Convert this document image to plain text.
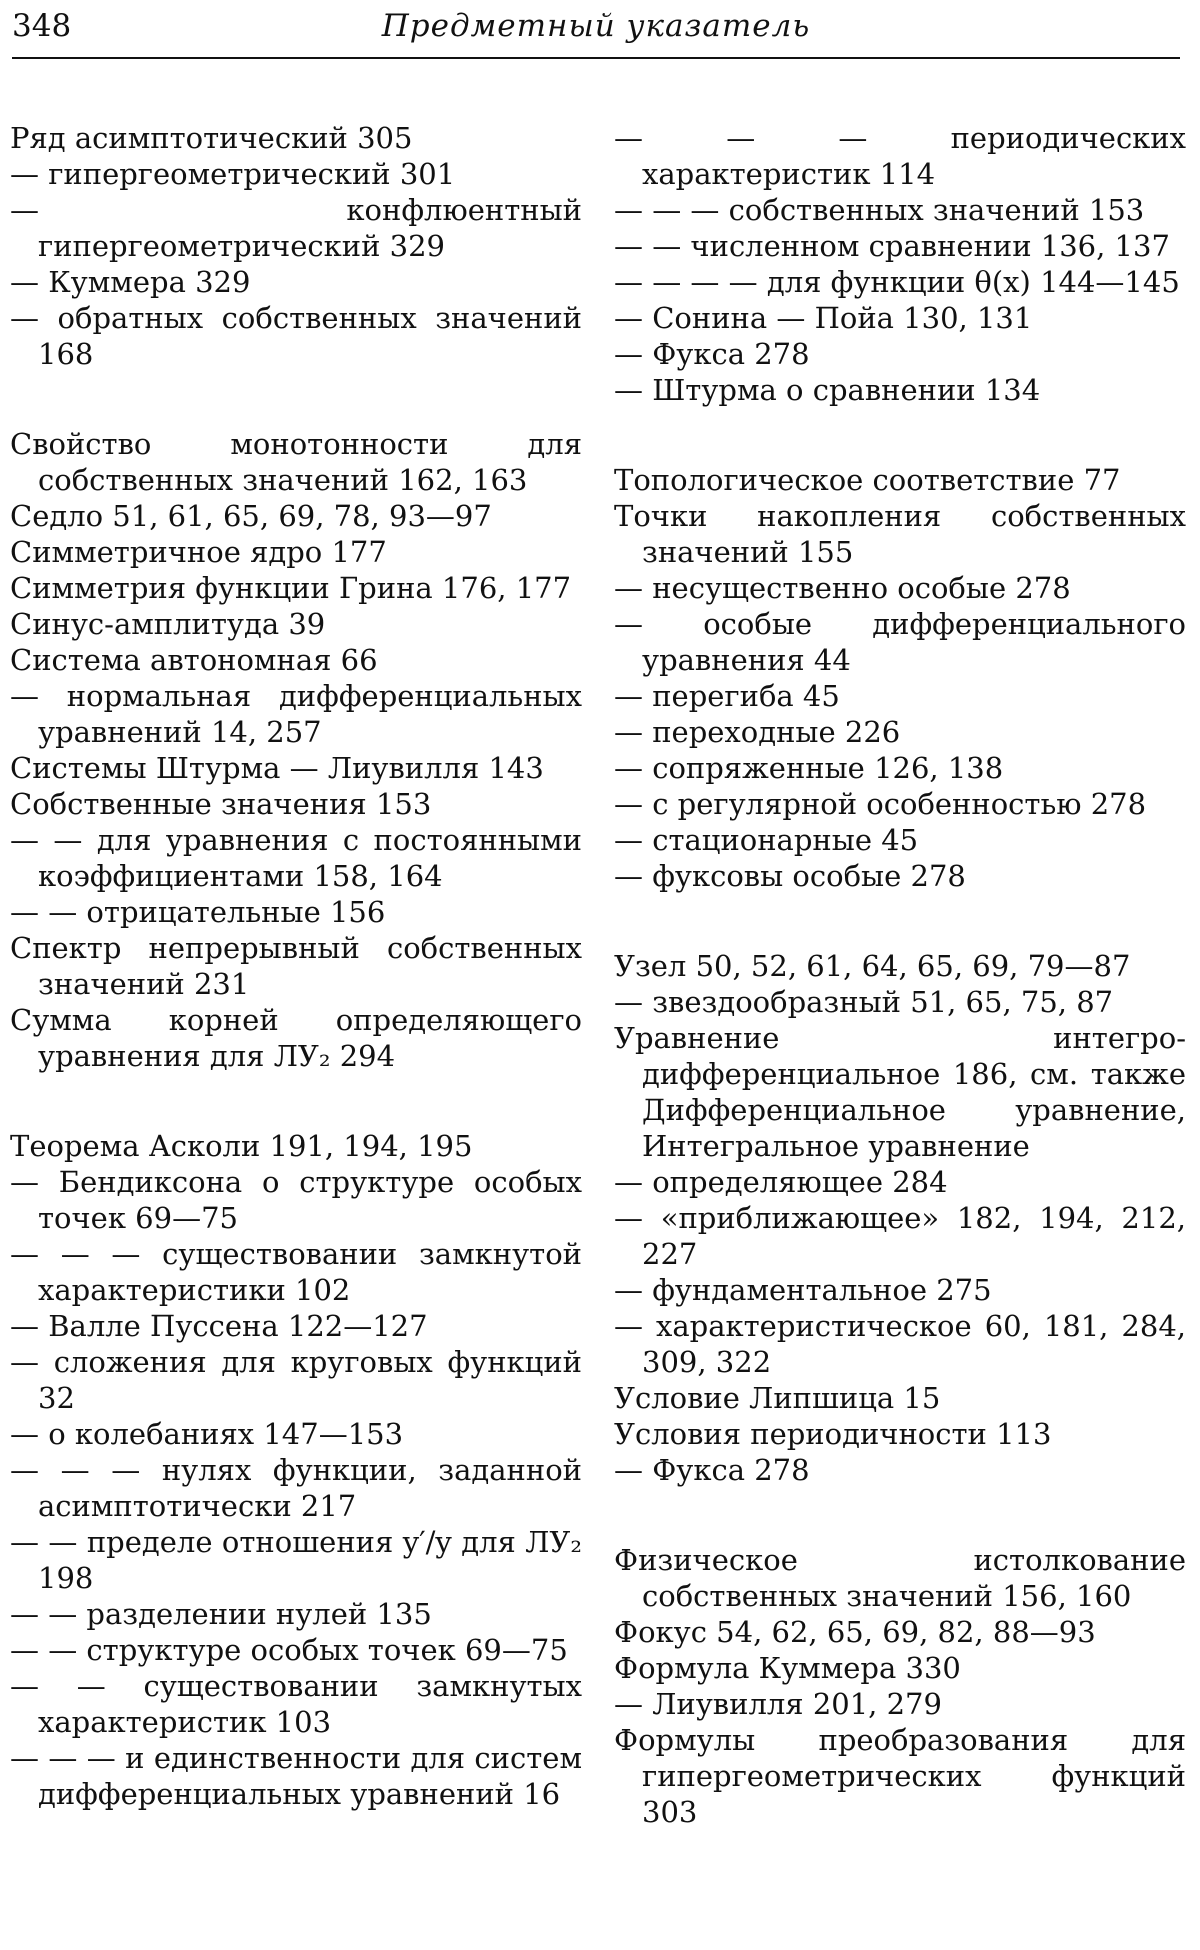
348	Предметный указатель

Ряд асимптотический 305

— гипергеометрический 301

— конфлюентный гипергеометрический 329

— Куммера 329

— обратных собственных значений 168

Свойство монотонности для собственных значений 162, 163

Седло 51, 61, 65, 69, 78, 93—97

Симметричное ядро 177

Симметрия функции Грина 176, 177

Синус-амплитуда 39

Система автономная 66

— нормальная дифференциальных уравнений 14, 257

Системы Штурма — Лиувилля 143

Собственные значения 153

— — для уравнения с постоянными коэффициентами 158, 164

— — отрицательные 156

Спектр непрерывный собственных значений 231

Сумма корней определяющего уравнения для ЛУ₂ 294

Теорема Асколи 191, 194, 195

— Бендиксона о структуре особых точек 69—75

— — — существовании замкнутой характеристики 102

— Валле Пуссена 122—127

— сложения для круговых функций 32

— о колебаниях 147—153

— — — нулях функции, заданной асимптотически 217

— — пределе отношения y′/y для ЛУ₂ 198

— — разделении нулей 135

— — структуре особых точек 69—75

— — существовании замкнутых характеристик 103

— — — и единственности для систем дифференциальных уравнений 16

— — — периодических характеристик 114

— — — собственных значений 153

— — численном сравнении 136, 137

— — — — для функции θ(x) 144—145

— Сонина — Пойа 130, 131

— Фукса 278

— Штурма о сравнении 134

Топологическое соответствие 77

Точки накопления собственных значений 155

— несущественно особые 278

— особые дифференциального уравнения 44

— перегиба 45

— переходные 226

— сопряженные 126, 138

— с регулярной особенностью 278

— стационарные 45

— фуксовы особые 278

Узел 50, 52, 61, 64, 65, 69, 79—87

— звездообразный 51, 65, 75, 87

Уравнение интегро-дифференциальное 186, см. также Дифференциальное уравнение, Интегральное уравнение

— определяющее 284

— «приближающее» 182, 194, 212, 227

— фундаментальное 275

— характеристическое 60, 181, 284, 309, 322

Условие Липшица 15

Условия периодичности 113

— Фукса 278

Физическое истолкование собственных значений 156, 160

Фокус 54, 62, 65, 69, 82, 88—93

Формула Куммера 330

— Лиувилля 201, 279

Формулы преобразования для гипергеометрических функций 303
